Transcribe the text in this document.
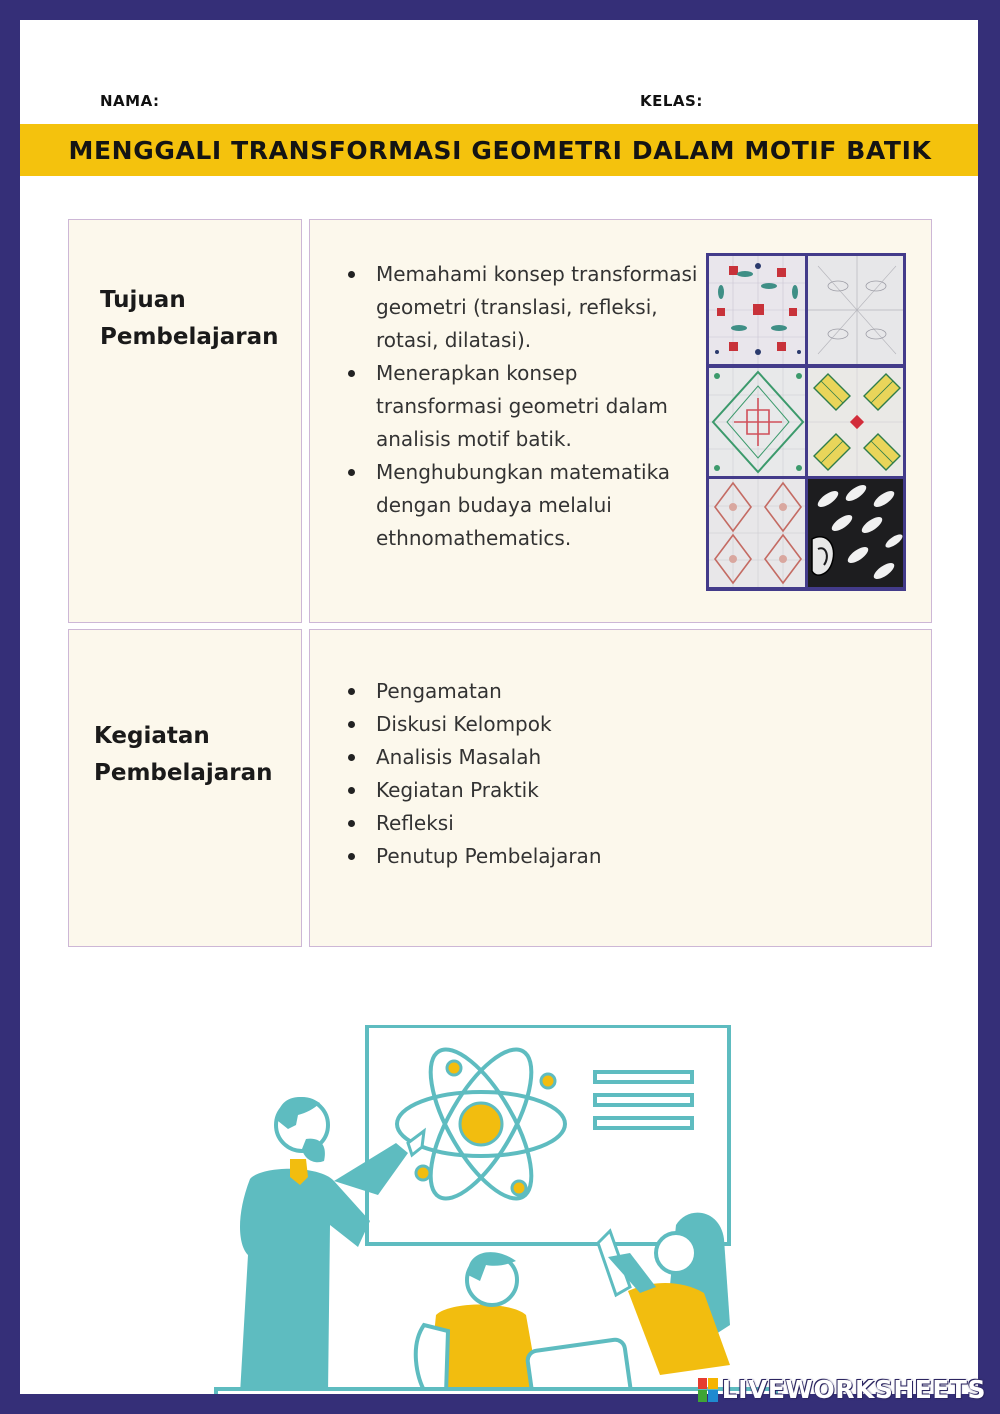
NAMA:	KELAS:
MENGGALI TRANSFORMASI GEOMETRI DALAM MOTIF BATIK
Tujuan
Pembelajaran
Memahami konsep transformasi geometri (translasi, refleksi, rotasi, dilatasi).
Menerapkan konsep transformasi geometri dalam analisis motif batik.
Menghubungkan matematika dengan budaya melalui ethnomathematics.
Kegiatan
Pembelajaran
Pengamatan
Diskusi Kelompok
Analisis Masalah
Kegiatan Praktik
Refleksi
Penutup Pembelajaran
LIVEWORKSHEETS
